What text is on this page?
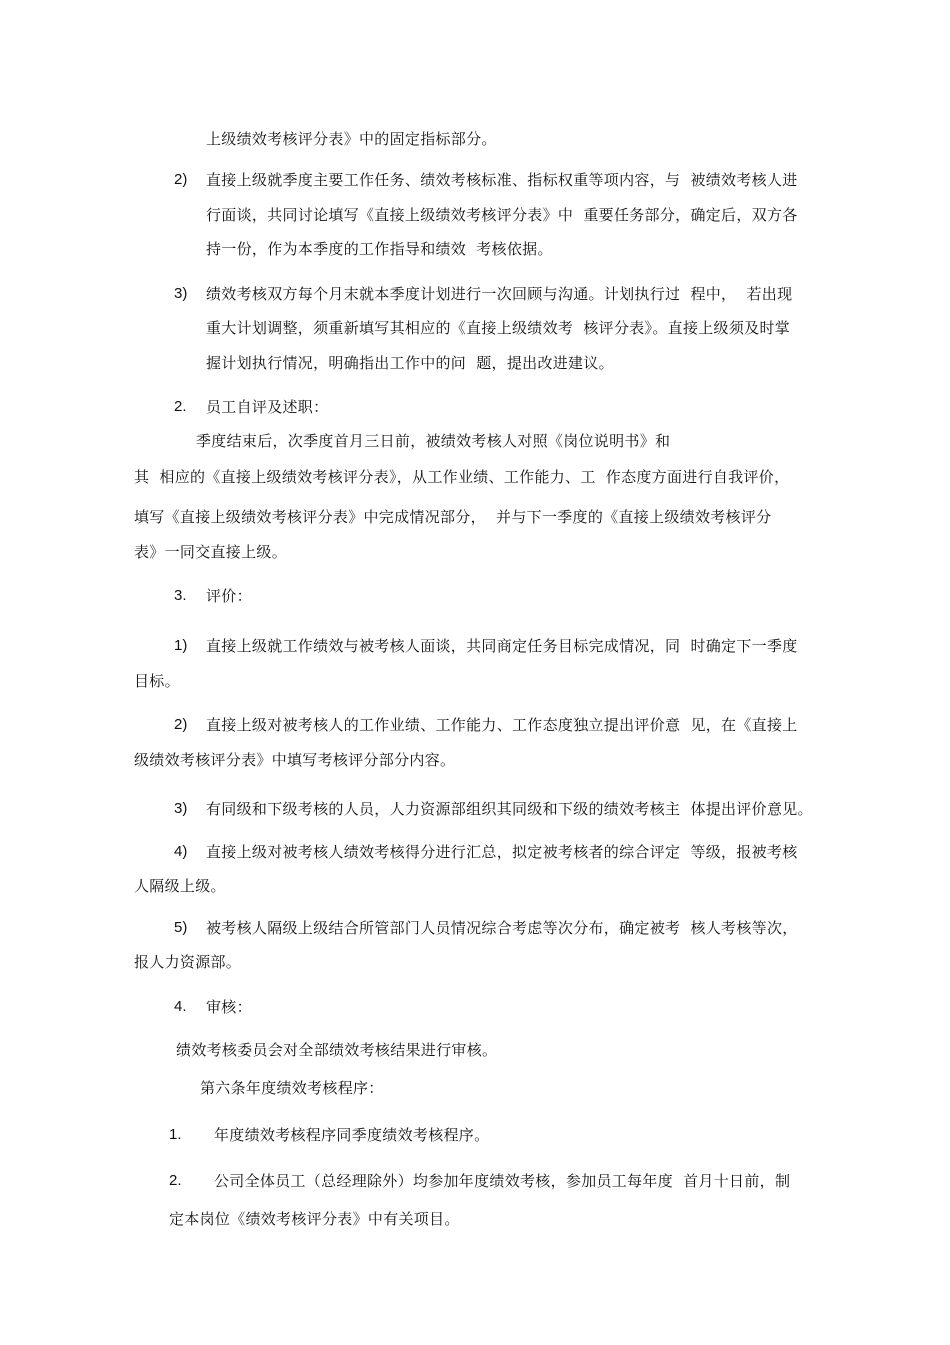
上级绩效考核评分表》中的固定指标部分。
2) 直接上级就季度主要工作任务、绩效考核标准、指标权重等项内容，与  被绩效考核人进
行面谈，共同讨论填写《直接上级绩效考核评分表》中  重要任务部分，确定后，双方各
持一份，作为本季度的工作指导和绩效  考核依据。
3) 绩效考核双方每个月末就本季度计划进行一次回顾与沟通。计划执行过  程中，  若出现
重大计划调整，须重新填写其相应的《直接上级绩效考  核评分表》。直接上级须及时掌
握计划执行情况，明确指出工作中的问  题，提出改进建议。
2. 员工自评及述职：
季度结束后，次季度首月三日前，被绩效考核人对照《岗位说明书》和
其  相应的《直接上级绩效考核评分表》，从工作业绩、工作能力、工  作态度方面进行自我评价，
填写《直接上级绩效考核评分表》中完成情况部分，  并与下一季度的《直接上级绩效考核评分
表》一同交直接上级。
3. 评价：
1) 直接上级就工作绩效与被考核人面谈，共同商定任务目标完成情况，同  时确定下一季度
目标。
2) 直接上级对被考核人的工作业绩、工作能力、工作态度独立提出评价意  见，在《直接上
级绩效考核评分表》中填写考核评分部分内容。
3) 有同级和下级考核的人员，人力资源部组织其同级和下级的绩效考核主  体提出评价意见。
4) 直接上级对被考核人绩效考核得分进行汇总，拟定被考核者的综合评定  等级，报被考核
人隔级上级。
5) 被考核人隔级上级结合所管部门人员情况综合考虑等次分布，确定被考  核人考核等次，
报人力资源部。
4. 审核：
绩效考核委员会对全部绩效考核结果进行审核。
第六条年度绩效考核程序：
1. 年度绩效考核程序同季度绩效考核程序。
2. 公司全体员工（总经理除外）均参加年度绩效考核，参加员工每年度  首月十日前，制
定本岗位《绩效考核评分表》中有关项目。
